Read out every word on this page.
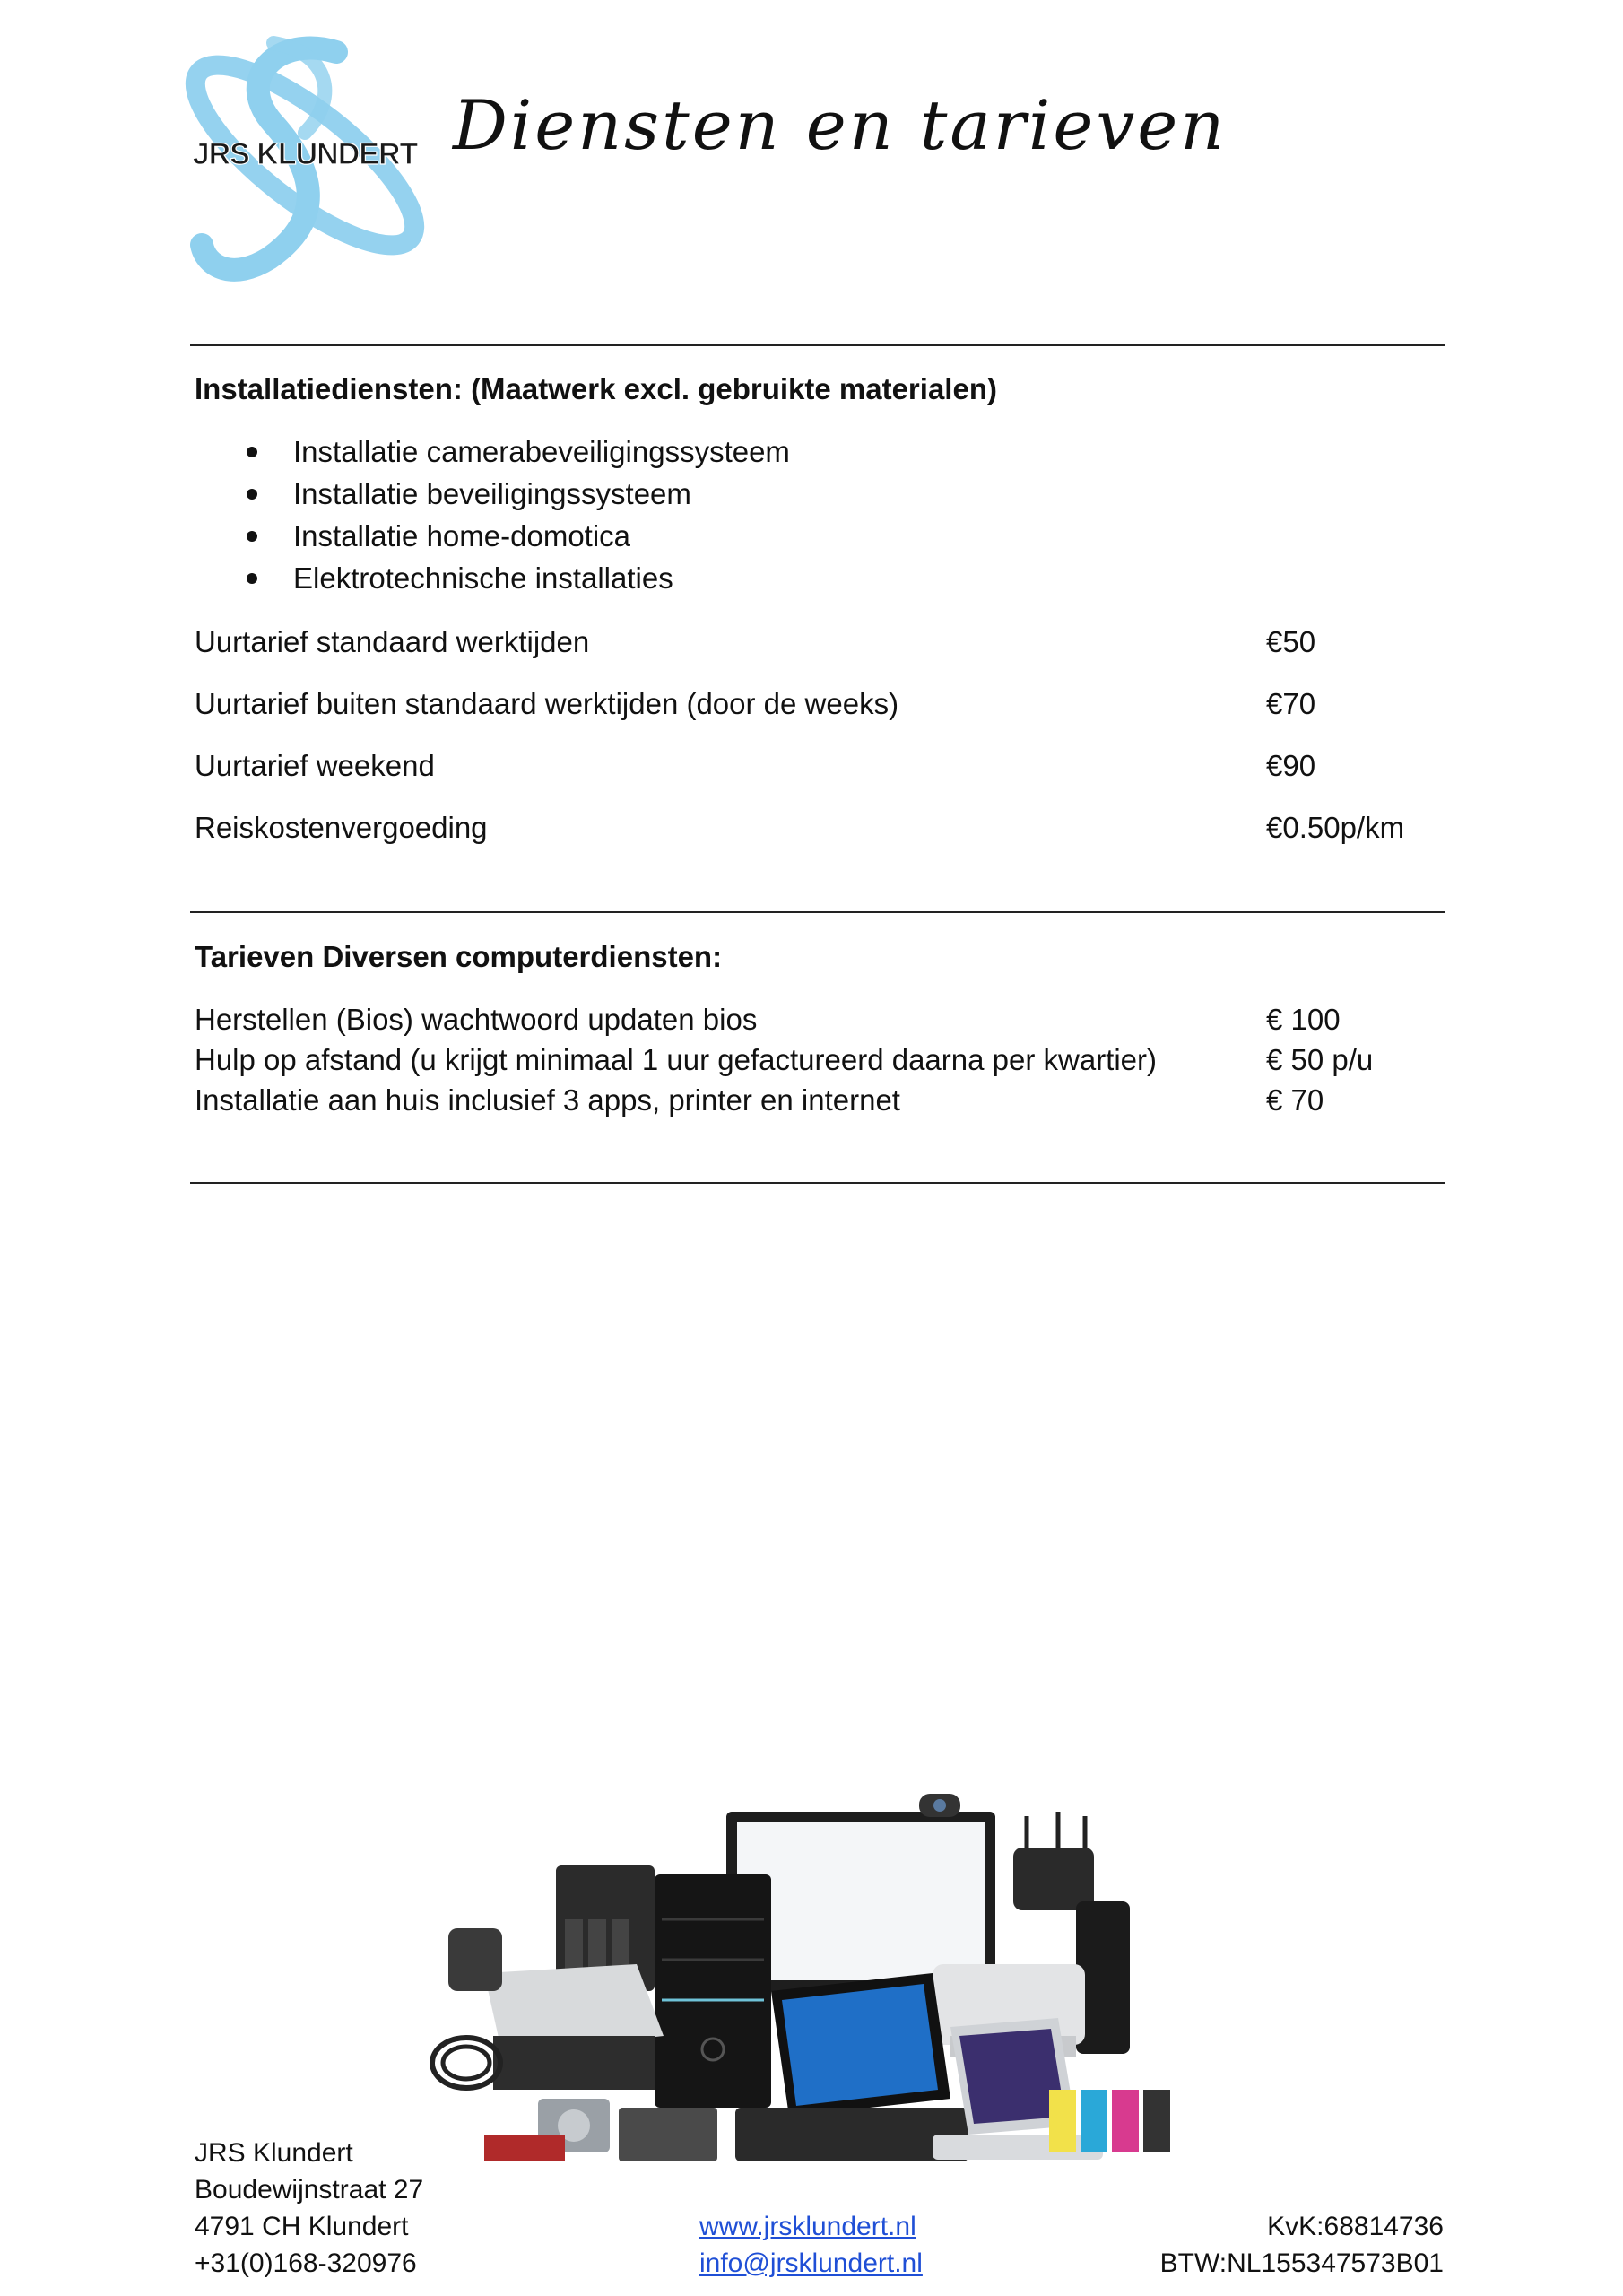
JRS KLUNDERT Diensten en tarieven
Installatiediensten: (Maatwerk excl. gebruikte materialen)
Installatie camerabeveiligingssysteem
Installatie beveiligingssysteem
Installatie home-domotica
Elektrotechnische installaties
Uurtarief standaard werktijden	€50
Uurtarief buiten standaard werktijden (door de weeks)	€70
Uurtarief weekend	€90
Reiskostenvergoeding	€0.50p/km
Tarieven Diversen computerdiensten:
Herstellen (Bios) wachtwoord updaten bios	€ 100
Hulp op afstand (u krijgt minimaal 1 uur gefactureerd daarna per kwartier)	€ 50 p/u
Installatie aan huis inclusief 3 apps, printer en internet	€ 70
JRS Klundert
Boudewijnstraat 27
4791 CH Klundert
+31(0)168-320976
www.jrsklundert.nl
info@jrsklundert.nl
KvK:68814736
BTW:NL155347573B01
